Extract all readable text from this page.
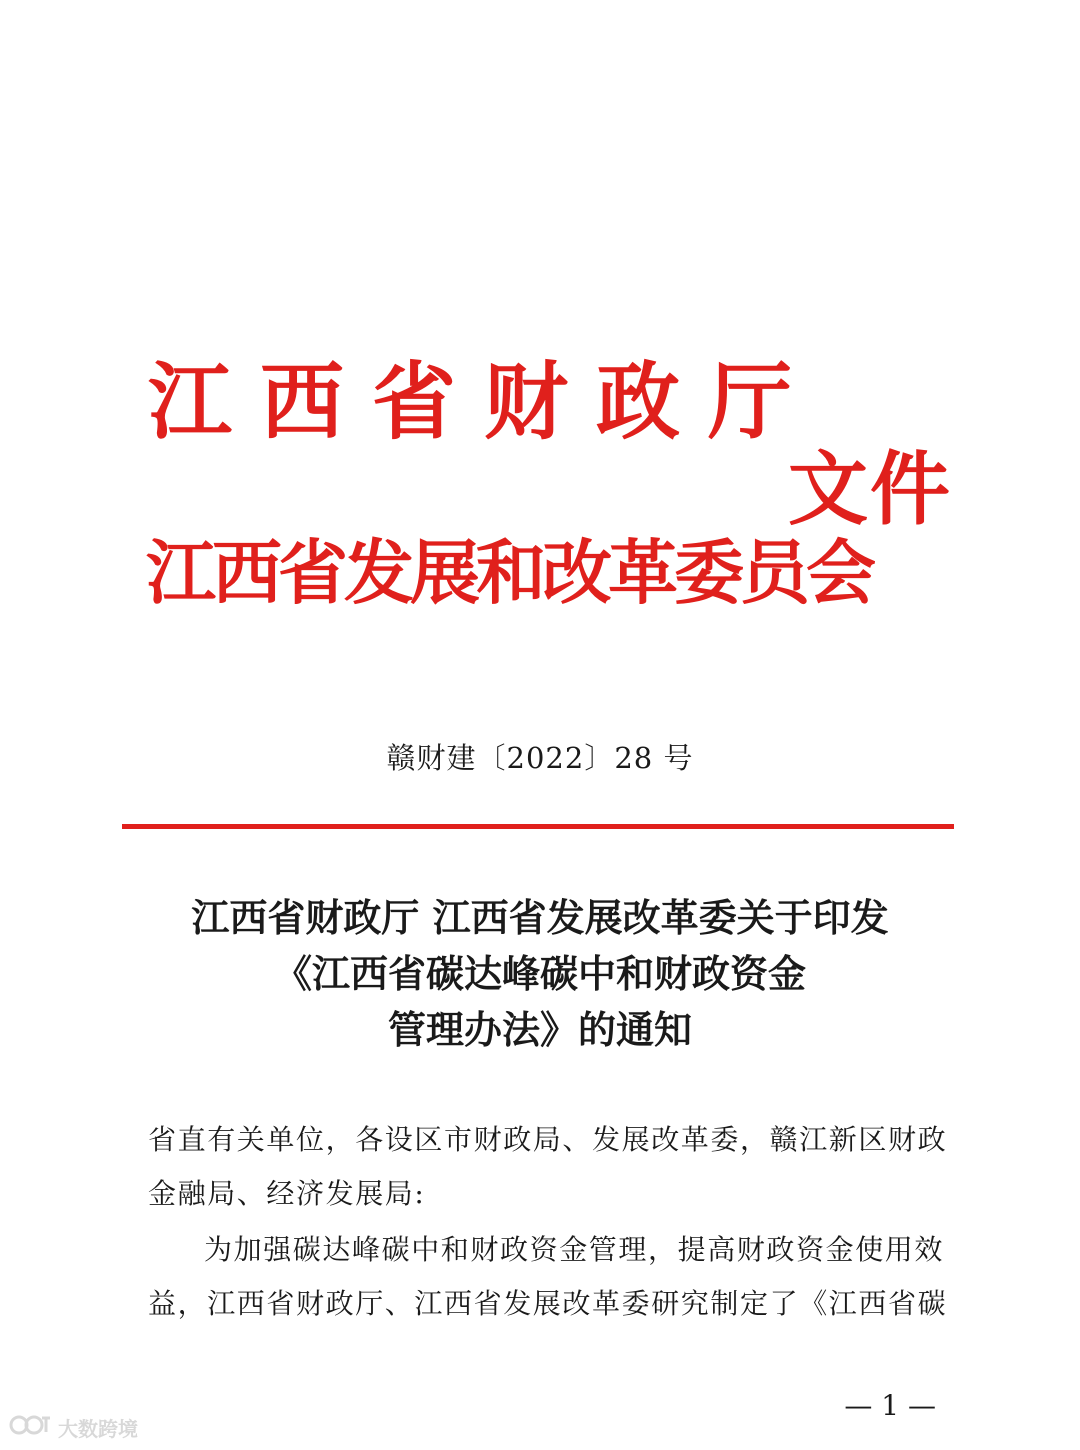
江西省财政厅
文件
江西省发展和改革委员会
赣财建〔2022〕28 号
江西省财政厅 江西省发展改革委关于印发
《江西省碳达峰碳中和财政资金
管理办法》的通知
省直有关单位，各设区市财政局、发展改革委，赣江新区财政
金融局、经济发展局:
为加强碳达峰碳中和财政资金管理，提高财政资金使用效
益，江西省财政厅、江西省发展改革委研究制定了《江西省碳
— 1 —
大数跨境
